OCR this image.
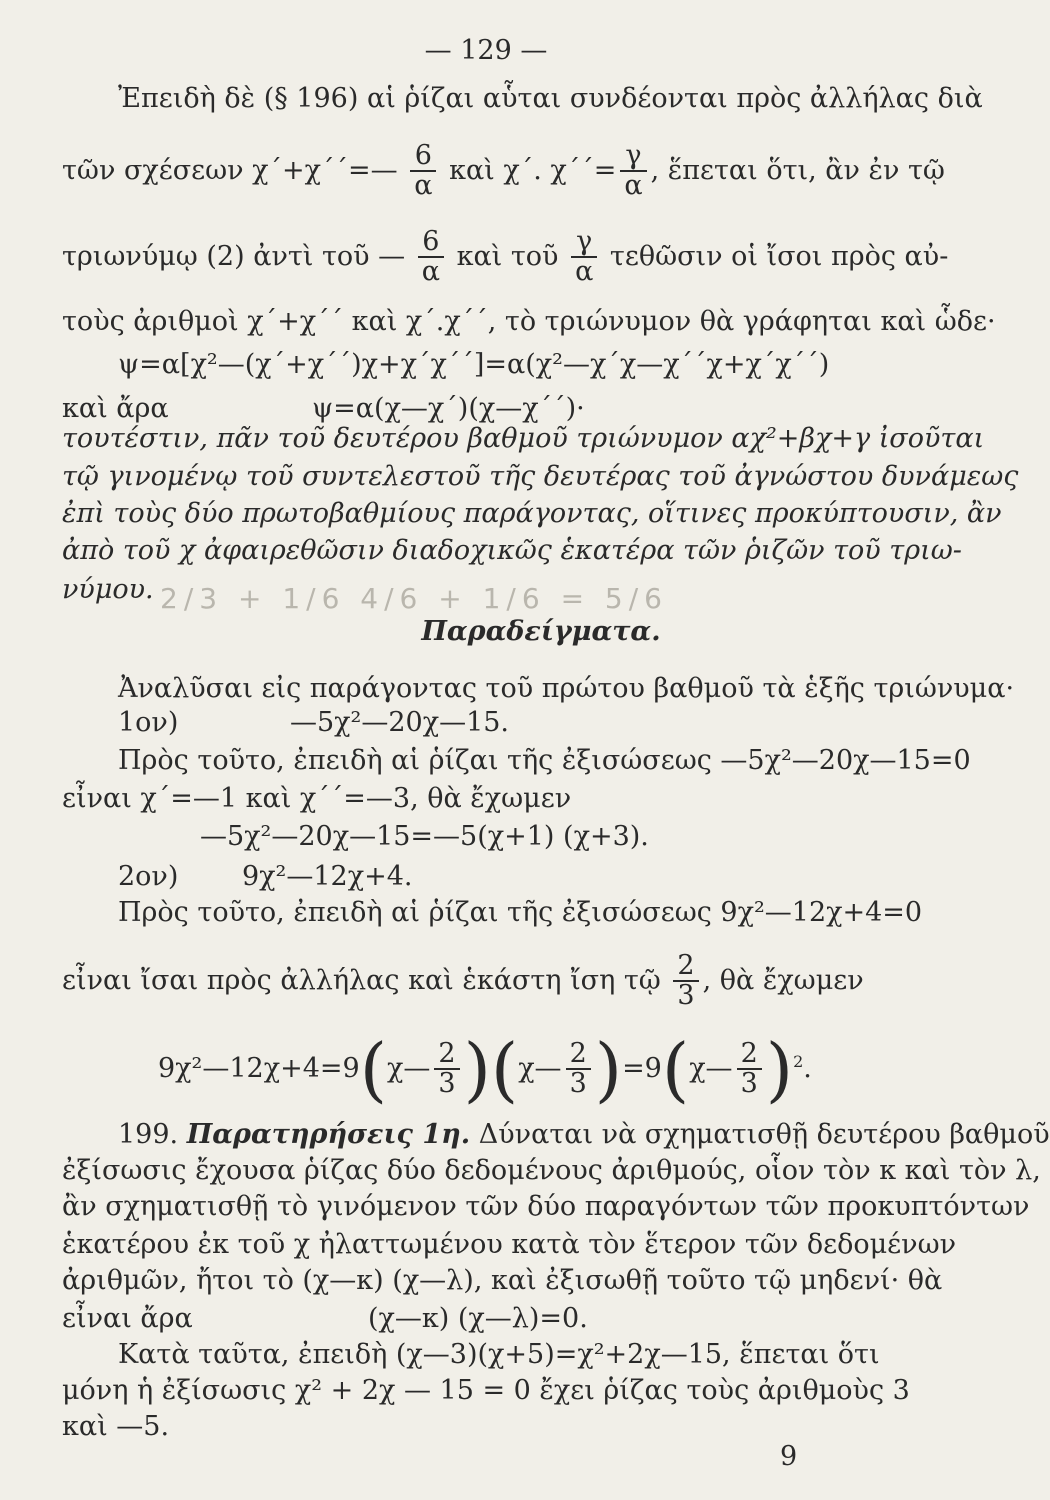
— 129 —
Ἐπειδὴ δὲ (§ 196) αἱ ῥίζαι αὗται συνδέονται πρὸς ἀλλήλας διὰ
τῶν σχέσεων χ΄+χ΄΄=— $\frac{6}{\alpha}$ καὶ χ΄. $\chi΄΄= \frac{\gamma}{\alpha}$ , ἕπεται ὅτι, ἂν ἐν τῷ
τριωνύμῳ (2) ἀντὶ τοῦ — $\frac{6}{\alpha}$ καὶ τοῦ $\frac{\gamma}{\alpha}$ τεθῶσιν οἱ ἴσοι πρὸς αὐ-
τοὺς ἀριθμοὶ χ΄+χ΄΄ καὶ χ΄.χ΄΄, τὸ τριώνυμον θὰ γράφηται καὶ ὧδε·
ψ=α[χ²—(χ΄+χ΄΄)χ+χ΄χ΄΄]=α(χ²—χ΄χ—χ΄΄χ+χ΄χ΄΄)
καὶ ἄρα	ψ=α(χ—χ΄)(χ—χ΄΄)·
τουτέστιν, πᾶν τοῦ δευτέρου βαθμοῦ τριώνυμον αχ²+βχ+γ ἰσοῦται
τῷ γινομένῳ τοῦ συντελεστοῦ τῆς δευτέρας τοῦ ἀγνώστου δυνάμεως
ἐπὶ τοὺς δύο πρωτοβαθμίους παράγοντας, οἵτινες προκύπτουσιν, ἂν
ἀπὸ τοῦ χ ἀφαιρεθῶσιν διαδοχικῶς ἑκατέρα τῶν ῥιζῶν τοῦ τριω-
νύμου. 2/3 + 1/6 4/6 + 1/6 = 5/6
Παραδείγματα.
Ἀναλῦσαι εἰς παράγοντας τοῦ πρώτου βαθμοῦ τὰ ἑξῆς τριώνυμα·
1ον)	—5χ²—20χ—15.
Πρὸς τοῦτο, ἐπειδὴ αἱ ῥίζαι τῆς ἐξισώσεως —5χ²—20χ—15=0
εἶναι χ΄=—1 καὶ χ΄΄=—3, θὰ ἔχωμεν
—5χ²—20χ—15=—5(χ+1) (χ+3).
2ον) 9χ²—12χ+4.
Πρὸς τοῦτο, ἐπειδὴ αἱ ῥίζαι τῆς ἐξισώσεως 9χ²—12χ+4=0
εἶναι ἴσαι πρὸς ἀλλήλας καὶ ἑκάστη ἴση τῷ $\frac{2}{3}$ , θὰ ἔχωμεν
9χ²—12χ+4=9(χ— $\frac{2}{3}$ )(χ— $\frac{2}{3}$ )=9(χ— $\frac{2}{3} )^2$.
199. Παρατηρήσεις 1η. Δύναται νὰ σχηματισθῇ δευτέρου βαθμοῦ
ἐξίσωσις ἔχουσα ῥίζας δύο δεδομένους ἀριθμούς, οἷον τὸν κ καὶ τὸν λ,
ἂν σχηματισθῇ τὸ γινόμενον τῶν δύο παραγόντων τῶν προκυπτόντων
ἑκατέρου ἐκ τοῦ χ ἠλαττωμένου κατὰ τὸν ἕτερον τῶν δεδομένων
ἀριθμῶν, ἤτοι τὸ (χ—κ) (χ—λ), καὶ ἐξισωθῇ τοῦτο τῷ μηδενί· θὰ
εἶναι ἄρα	(χ—κ) (χ—λ)=0.
Κατὰ ταῦτα, ἐπειδὴ (χ—3)(χ+5)=χ²+2χ—15, ἕπεται ὅτι
μόνη ἡ ἐξίσωσις χ² + 2χ — 15 = 0 ἔχει ῥίζας τοὺς ἀριθμοὺς 3
καὶ —5.
9
